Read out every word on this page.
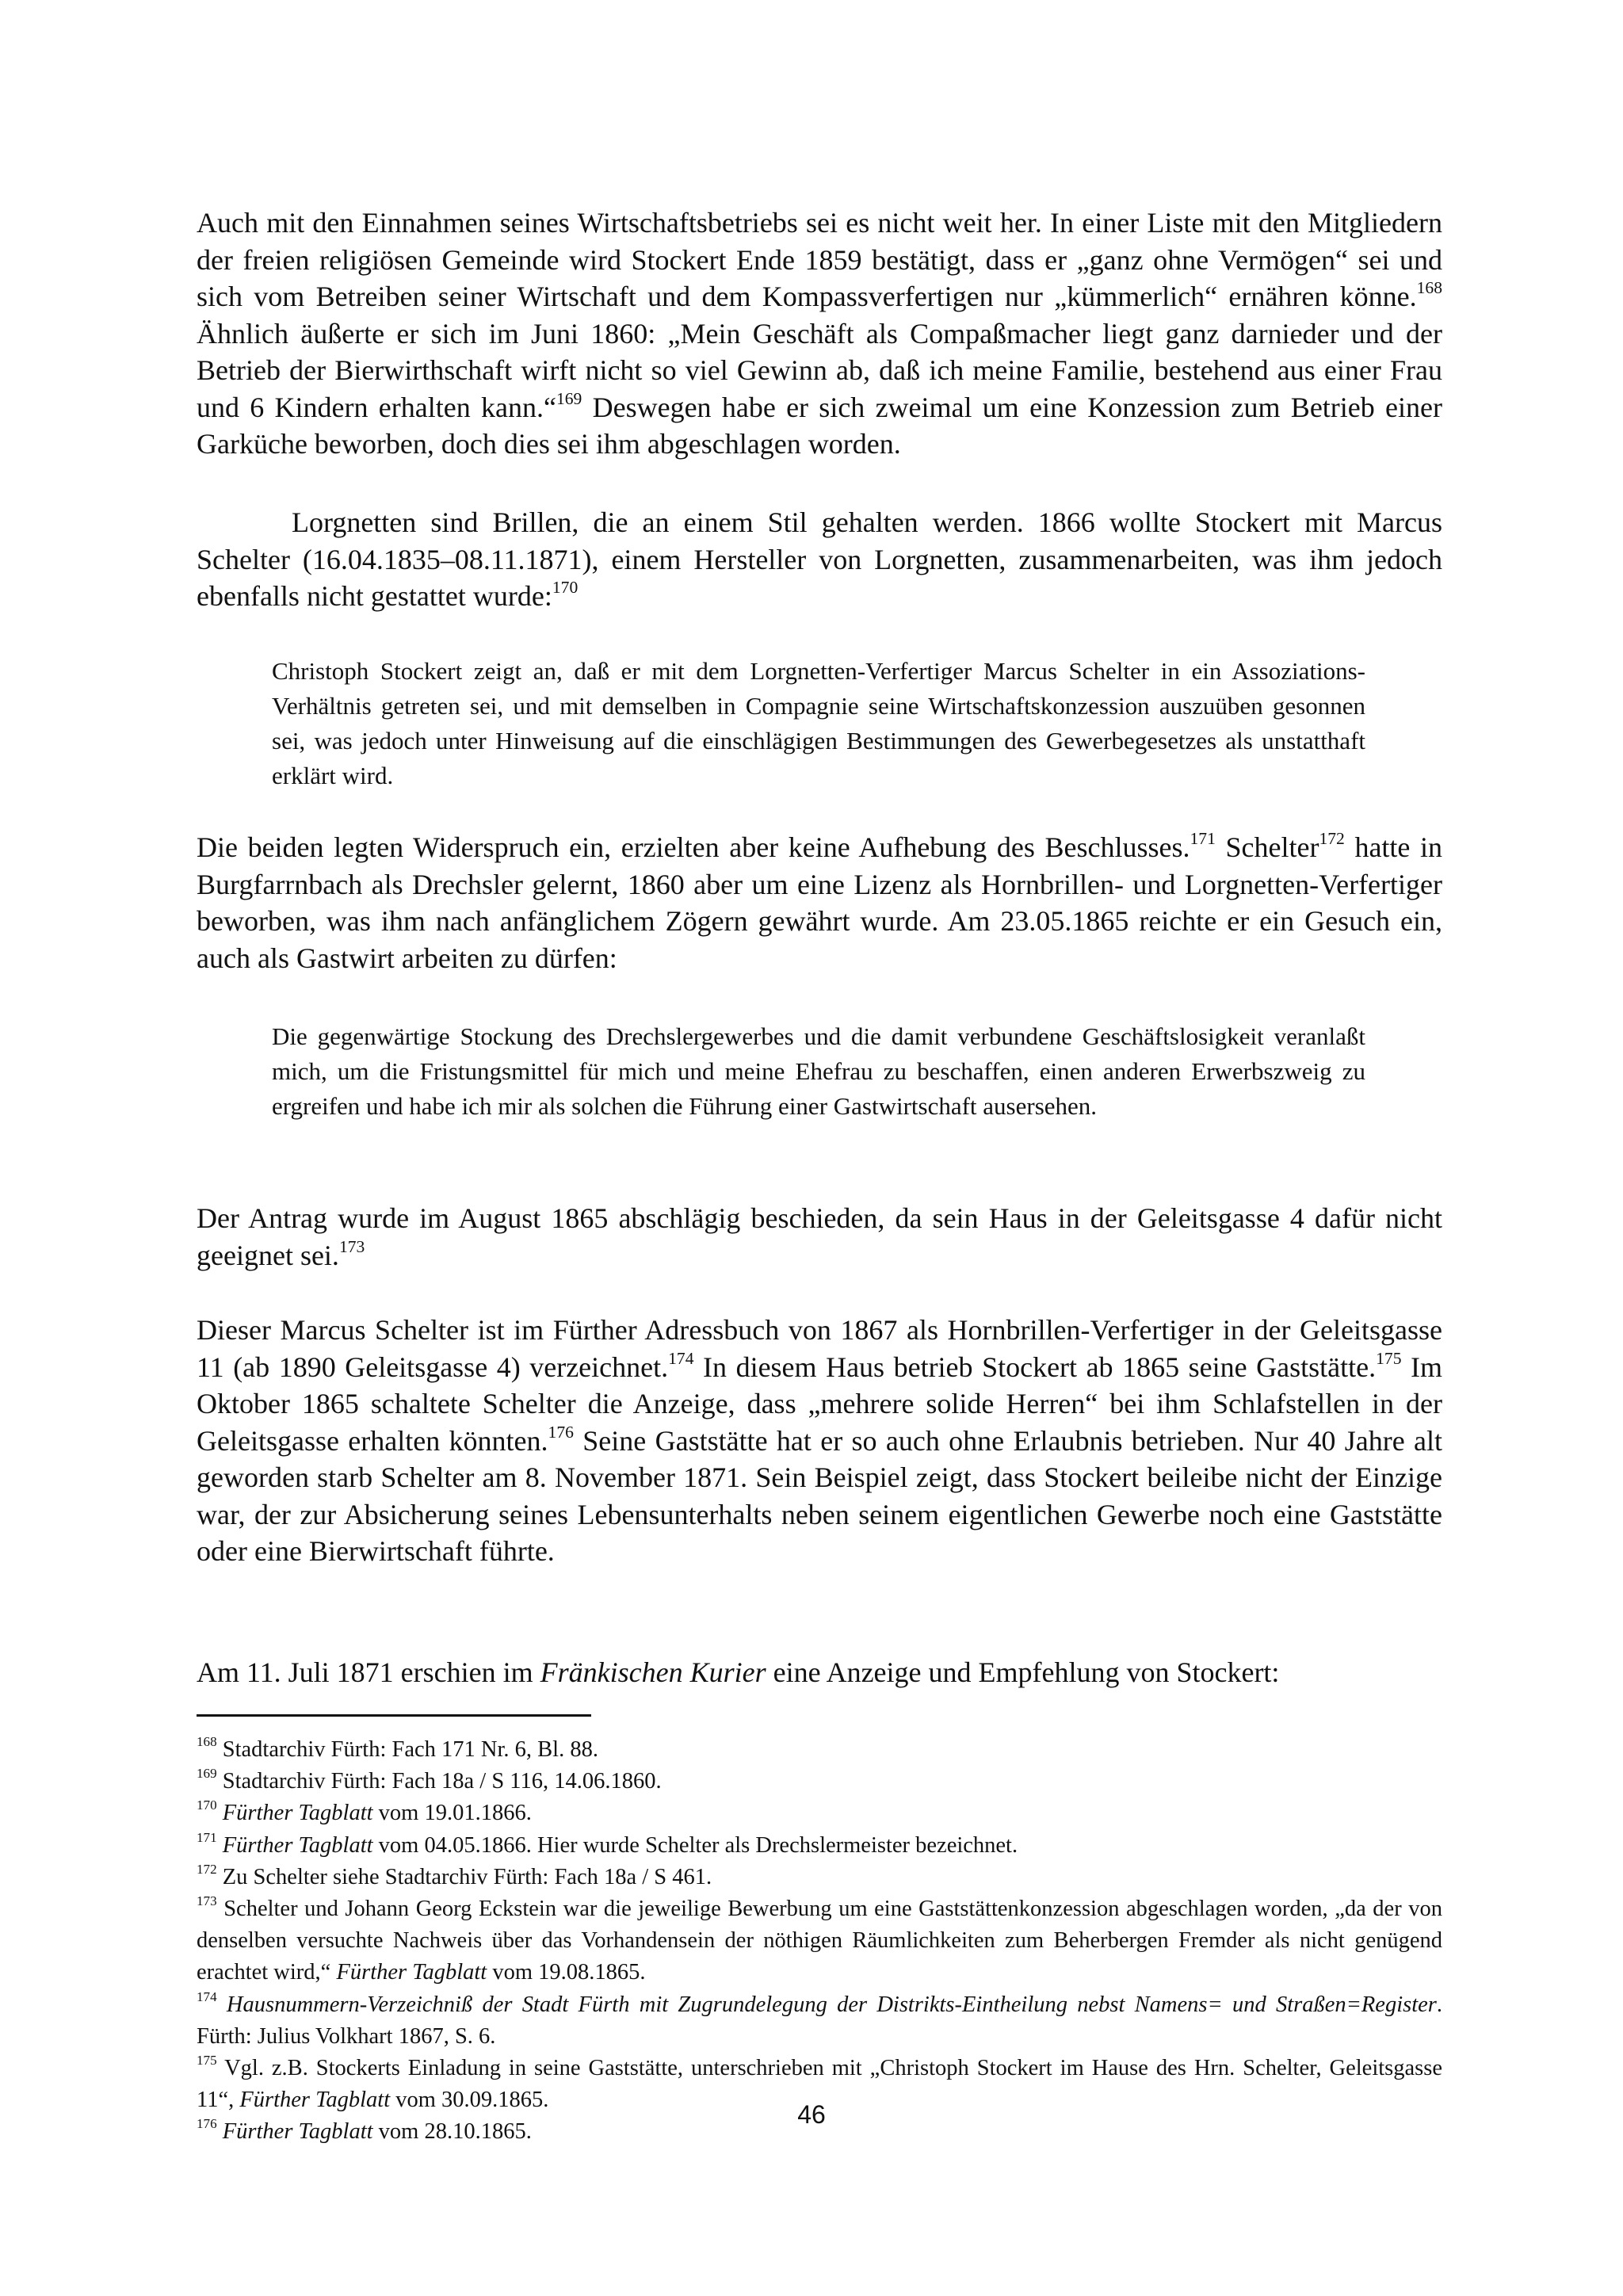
Auch mit den Einnahmen seines Wirtschaftsbetriebs sei es nicht weit her. In einer Liste mit den Mitgliedern der freien religiösen Gemeinde wird Stockert Ende 1859 bestätigt, dass er „ganz ohne Vermögen“ sei und sich vom Betreiben seiner Wirtschaft und dem Kompassverfertigen nur „kümmerlich“ ernähren könne.$^{168}$ Ähnlich äußerte er sich im Juni 1860: „Mein Geschäft als Compaßmacher liegt ganz darnieder und der Betrieb der Bierwirthschaft wirft nicht so viel Gewinn ab, daß ich meine Familie, bestehend aus einer Frau und 6 Kindern erhalten kann.“$^{169}$ Deswegen habe er sich zweimal um eine Konzession zum Betrieb einer Garküche beworben, doch dies sei ihm abgeschlagen worden.
Lorgnetten sind Brillen, die an einem Stil gehalten werden. 1866 wollte Stockert mit Marcus Schelter (16.04.1835–08.11.1871), einem Hersteller von Lorgnetten, zusammenarbeiten, was ihm jedoch ebenfalls nicht gestattet wurde:$^{170}$
Christoph Stockert zeigt an, daß er mit dem Lorgnetten-Verfertiger Marcus Schelter in ein Assoziations-Verhältnis getreten sei, und mit demselben in Compagnie seine Wirtschaftskonzession auszuüben gesonnen sei, was jedoch unter Hinweisung auf die einschlägigen Bestimmungen des Gewerbegesetzes als unstatthaft erklärt wird.
Die beiden legten Widerspruch ein, erzielten aber keine Aufhebung des Beschlusses.$^{171}$ Schelter$^{172}$ hatte in Burgfarrnbach als Drechsler gelernt, 1860 aber um eine Lizenz als Hornbrillen- und Lorgnetten-Verfertiger beworben, was ihm nach anfänglichem Zögern gewährt wurde. Am 23.05.1865 reichte er ein Gesuch ein, auch als Gastwirt arbeiten zu dürfen:
Die gegenwärtige Stockung des Drechslergewerbes und die damit verbundene Geschäftslosigkeit veranlaßt mich, um die Fristungsmittel für mich und meine Ehefrau zu beschaffen, einen anderen Erwerbszweig zu ergreifen und habe ich mir als solchen die Führung einer Gastwirtschaft ausersehen.
Der Antrag wurde im August 1865 abschlägig beschieden, da sein Haus in der Geleitsgasse 4 dafür nicht geeignet sei.$^{173}$
Dieser Marcus Schelter ist im Fürther Adressbuch von 1867 als Hornbrillen-Verfertiger in der Geleitsgasse 11 (ab 1890 Geleitsgasse 4) verzeichnet.$^{174}$ In diesem Haus betrieb Stockert ab 1865 seine Gaststätte.$^{175}$ Im Oktober 1865 schaltete Schelter die Anzeige, dass „mehrere solide Herren“ bei ihm Schlafstellen in der Geleitsgasse erhalten könnten.$^{176}$ Seine Gaststätte hat er so auch ohne Erlaubnis betrieben. Nur 40 Jahre alt geworden starb Schelter am 8. November 1871. Sein Beispiel zeigt, dass Stockert beileibe nicht der Einzige war, der zur Absicherung seines Lebensunterhalts neben seinem eigentlichen Gewerbe noch eine Gaststätte oder eine Bierwirtschaft führte.
Am 11. Juli 1871 erschien im Fränkischen Kurier eine Anzeige und Empfehlung von Stockert:

$^{168}$ Stadtarchiv Fürth: Fach 171 Nr. 6, Bl. 88.

$^{169}$ Stadtarchiv Fürth: Fach 18a / S 116, 14.06.1860.

$^{170}$ Fürther Tagblatt vom 19.01.1866.

$^{171}$ Fürther Tagblatt vom 04.05.1866. Hier wurde Schelter als Drechslermeister bezeichnet.

$^{172}$ Zu Schelter siehe Stadtarchiv Fürth: Fach 18a / S 461.

$^{173}$ Schelter und Johann Georg Eckstein war die jeweilige Bewerbung um eine Gaststättenkonzession abgeschlagen worden, „da der von denselben versuchte Nachweis über das Vorhandensein der nöthigen Räumlichkeiten zum Beherbergen Fremder als nicht genügend erachtet wird,“ Fürther Tagblatt vom 19.08.1865.

$^{174}$ Hausnummern-Verzeichniß der Stadt Fürth mit Zugrundelegung der Distrikts-Eintheilung nebst Namens= und Straßen=Register. Fürth: Julius Volkhart 1867, S. 6.

$^{175}$ Vgl. z.B. Stockerts Einladung in seine Gaststätte, unterschrieben mit „Christoph Stockert im Hause des Hrn. Schelter, Geleitsgasse 11“, Fürther Tagblatt vom 30.09.1865.

$^{176}$ Fürther Tagblatt vom 28.10.1865.

46
